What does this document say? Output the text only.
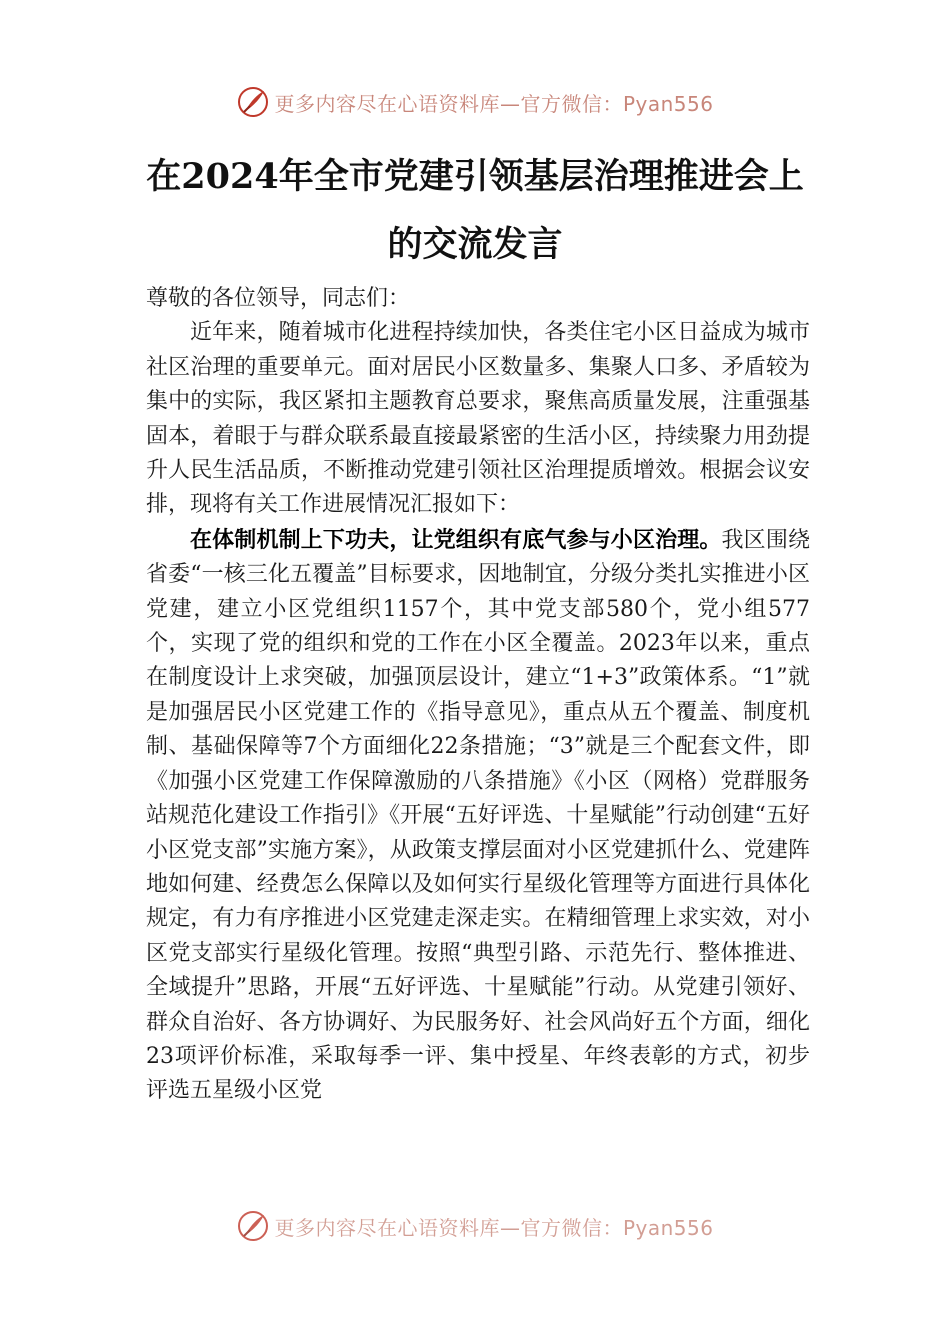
更多内容尽在心语资料库—官方微信：Pyan556
在2024年全市党建引领基层治理推进会上
的交流发言

尊敬的各位领导，同志们：

近年来，随着城市化进程持续加快，各类住宅小区日益成为城市社区治理的重要单元。面对居民小区数量多、集聚人口多、矛盾较为集中的实际，我区紧扣主题教育总要求，聚焦高质量发展，注重强基固本，着眼于与群众联系最直接最紧密的生活小区，持续聚力用劲提升人民生活品质，不断推动党建引领社区治理提质增效。根据会议安排，现将有关工作进展情况汇报如下：

在体制机制上下功夫，让党组织有底气参与小区治理。我区围绕省委“一核三化五覆盖”目标要求，因地制宜，分级分类扎实推进小区党建，建立小区党组织1157个，其中党支部580个，党小组577个，实现了党的组织和党的工作在小区全覆盖。2023年以来，重点在制度设计上求突破，加强顶层设计，建立“1+3”政策体系。“1”就是加强居民小区党建工作的《指导意见》，重点从五个覆盖、制度机制、基础保障等7个方面细化22条措施；“3”就是三个配套文件，即《加强小区党建工作保障激励的八条措施》《小区（网格）党群服务站规范化建设工作指引》《开展“五好评选、十星赋能”行动创建“五好小区党支部”实施方案》，从政策支撑层面对小区党建抓什么、党建阵地如何建、经费怎么保障以及如何实行星级化管理等方面进行具体化规定，有力有序推进小区党建走深走实。在精细管理上求实效，对小区党支部实行星级化管理。按照“典型引路、示范先行、整体推进、全域提升”思路，开展“五好评选、十星赋能”行动。从党建引领好、群众自治好、各方协调好、为民服务好、社会风尚好五个方面，细化23项评价标准，采取每季一评、集中授星、年终表彰的方式，初步评选五星级小区党

更多内容尽在心语资料库—官方微信：Pyan556
